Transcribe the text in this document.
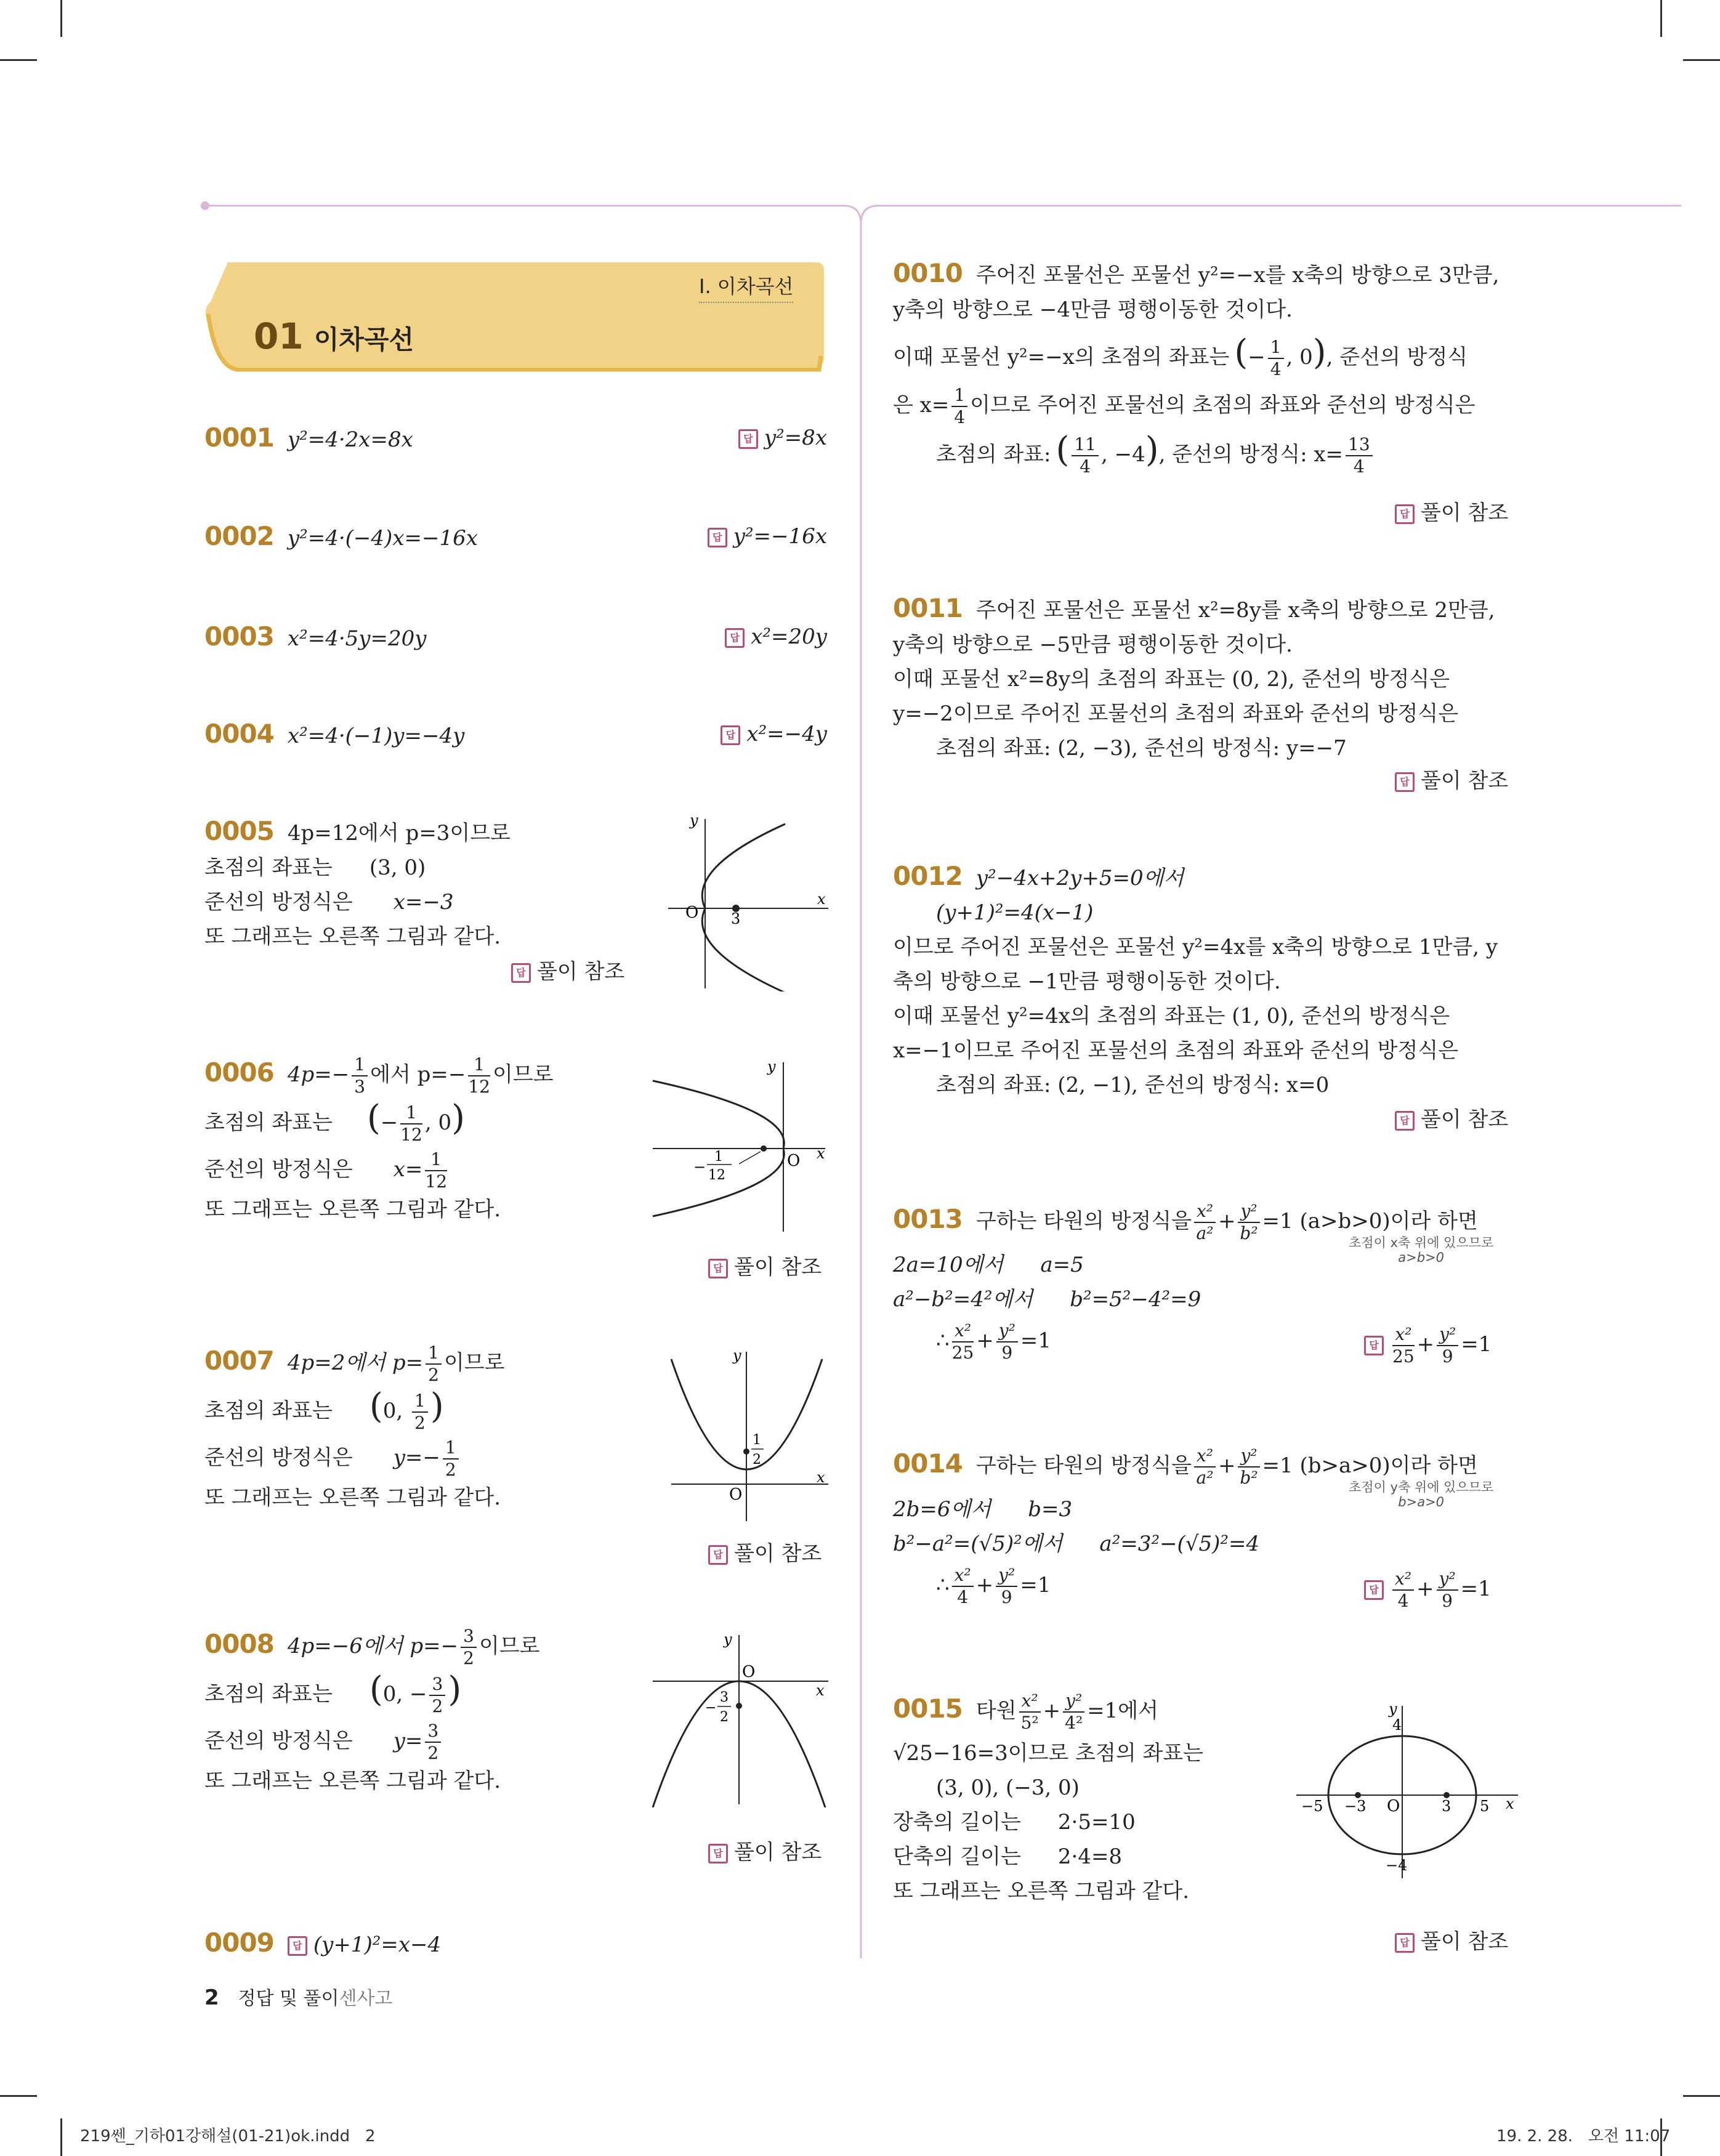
Ⅰ. 이차곡선
01 이차곡선
0001 y²=4·2x=8x	답 y²=8x
0002 y²=4·(−4)x=−16x	답 y²=−16x
0003 x²=4·5y=20y	답 x²=20y
0004 x²=4·(−1)y=−4y	답 x²=−4y
0005 4p=12에서 p=3이므로
초점의 좌표는 (3, 0)
준선의 방정식은 x=−3
또 그래프는 오른쪽 그림과 같다.
답 풀이 참조
y
O 3
x
0006 $4p=- \frac{1}{3}$ 에서 $p=- \frac{1}{12}$ 이므로
초점의 좌표는 (− $\frac{1}{12}$ , 0)
준선의 방정식은 $x= \frac{1}{12}$
또 그래프는 오른쪽 그림과 같다.
답 풀이 참조
y
O x
−
1
12
0007 4p=2에서 $p= \frac{1}{2}$ 이므로
초점의 좌표는 (0, $\frac{1}{2}$ )
준선의 방정식은 $y=- \frac{1}{2}$
또 그래프는 오른쪽 그림과 같다.
답 풀이 참조
y
O
x
1
2
0008 4p=−6에서 $p=- \frac{3}{2}$ 이므로
초점의 좌표는 (0, − $\frac{3}{2}$ )
준선의 방정식은 $y= \frac{3}{2}$
또 그래프는 오른쪽 그림과 같다.
답 풀이 참조
y
O
x
−
3
2
0009 답 (y+1)²=x−4
0010 주어진 포물선은 포물선 y²=−x를 x축의 방향으로 3만큼,
y축의 방향으로 −4만큼 평행이동한 것이다.
이때 포물선 y²=−x의 초점의 좌표는 (− $\frac{1}{4}$ , 0), 준선의 방정식
은 $x= \frac{1}{4}$ 이므로 주어진 포물선의 초점의 좌표와 준선의 방정식은
초점의 좌표: ( $\frac{11}{4}$ , −4), 준선의 방정식: $x= \frac{13}{4}$
답 풀이 참조
0011 주어진 포물선은 포물선 x²=8y를 x축의 방향으로 2만큼,
y축의 방향으로 −5만큼 평행이동한 것이다.
이때 포물선 x²=8y의 초점의 좌표는 (0, 2), 준선의 방정식은
y=−2이므로 주어진 포물선의 초점의 좌표와 준선의 방정식은
초점의 좌표: (2, −3), 준선의 방정식: y=−7
답 풀이 참조
0012 y²−4x+2y+5=0에서
(y+1)²=4(x−1)
이므로 주어진 포물선은 포물선 y²=4x를 x축의 방향으로 1만큼, y
축의 방향으로 −1만큼 평행이동한 것이다.
이때 포물선 y²=4x의 초점의 좌표는 (1, 0), 준선의 방정식은
x=−1이므로 주어진 포물선의 초점의 좌표와 준선의 방정식은
초점의 좌표: (2, −1), 준선의 방정식: x=0
답 풀이 참조
0013 구하는 타원의 방정식을 $\frac{\text{x²}}{\text{a²}} + \frac{\text{y²}}{\text{b²}} =1$ (a>b>0)이라 하면
초점이 x축 위에 있으므로
a>b>0
2a=10에서 a=5
a²−b²=4²에서 b²=5²−4²=9
∴ $\frac{\text{x²}}{25} + \frac{\text{y²}}{9} =1$	답 $\frac{\text{x²}}{25} + \frac{\text{y²}}{9} =1$
0014 구하는 타원의 방정식을 $\frac{\text{x²}}{\text{a²}} + \frac{\text{y²}}{\text{b²}} =1$ (b>a>0)이라 하면
초점이 y축 위에 있으므로
b>a>0
2b=6에서 b=3
b²−a²=(√5)²에서 a²=3²−(√5)²=4
∴ $\frac{\text{x²}}{4} + \frac{\text{y²}}{9} =1$	답 $\frac{\text{x²}}{4} + \frac{\text{y²}}{9} =1$
0015 타원 $\frac{\text{x²}}{\text{5²}} + \frac{\text{y²}}{\text{4²}} =1$에서
√25−16=3이므로 초점의 좌표는
(3, 0), (−3, 0)
장축의 길이는 2·5=10
단축의 길이는 2·4=8
또 그래프는 오른쪽 그림과 같다.
답 풀이 참조
y
4
−4
−5 −3 O	3 5 x
2 정답 및 풀이센사고
219쎈_기하01강해설(01-21)ok.indd   2	19. 2. 28.   오전 11:07
